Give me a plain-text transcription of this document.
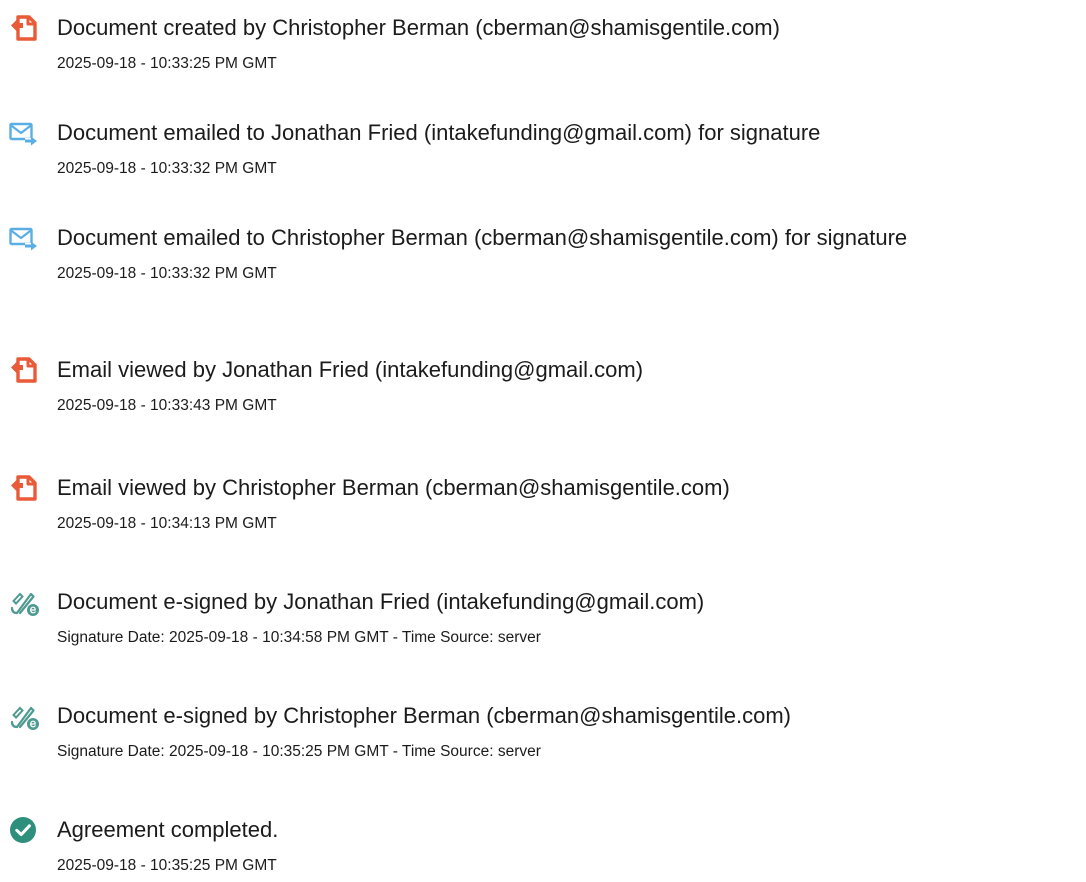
Document created by Christopher Berman (cberman@shamisgentile.com)
2025-09-18 - 10:33:25 PM GMT
Document emailed to Jonathan Fried (intakefunding@gmail.com) for signature
2025-09-18 - 10:33:32 PM GMT
Document emailed to Christopher Berman (cberman@shamisgentile.com) for signature
2025-09-18 - 10:33:32 PM GMT
Email viewed by Jonathan Fried (intakefunding@gmail.com)
2025-09-18 - 10:33:43 PM GMT
Email viewed by Christopher Berman (cberman@shamisgentile.com)
2025-09-18 - 10:34:13 PM GMT
Document e-signed by Jonathan Fried (intakefunding@gmail.com)
Signature Date: 2025-09-18 - 10:34:58 PM GMT - Time Source: server
Document e-signed by Christopher Berman (cberman@shamisgentile.com)
Signature Date: 2025-09-18 - 10:35:25 PM GMT - Time Source: server
Agreement completed.
2025-09-18 - 10:35:25 PM GMT
